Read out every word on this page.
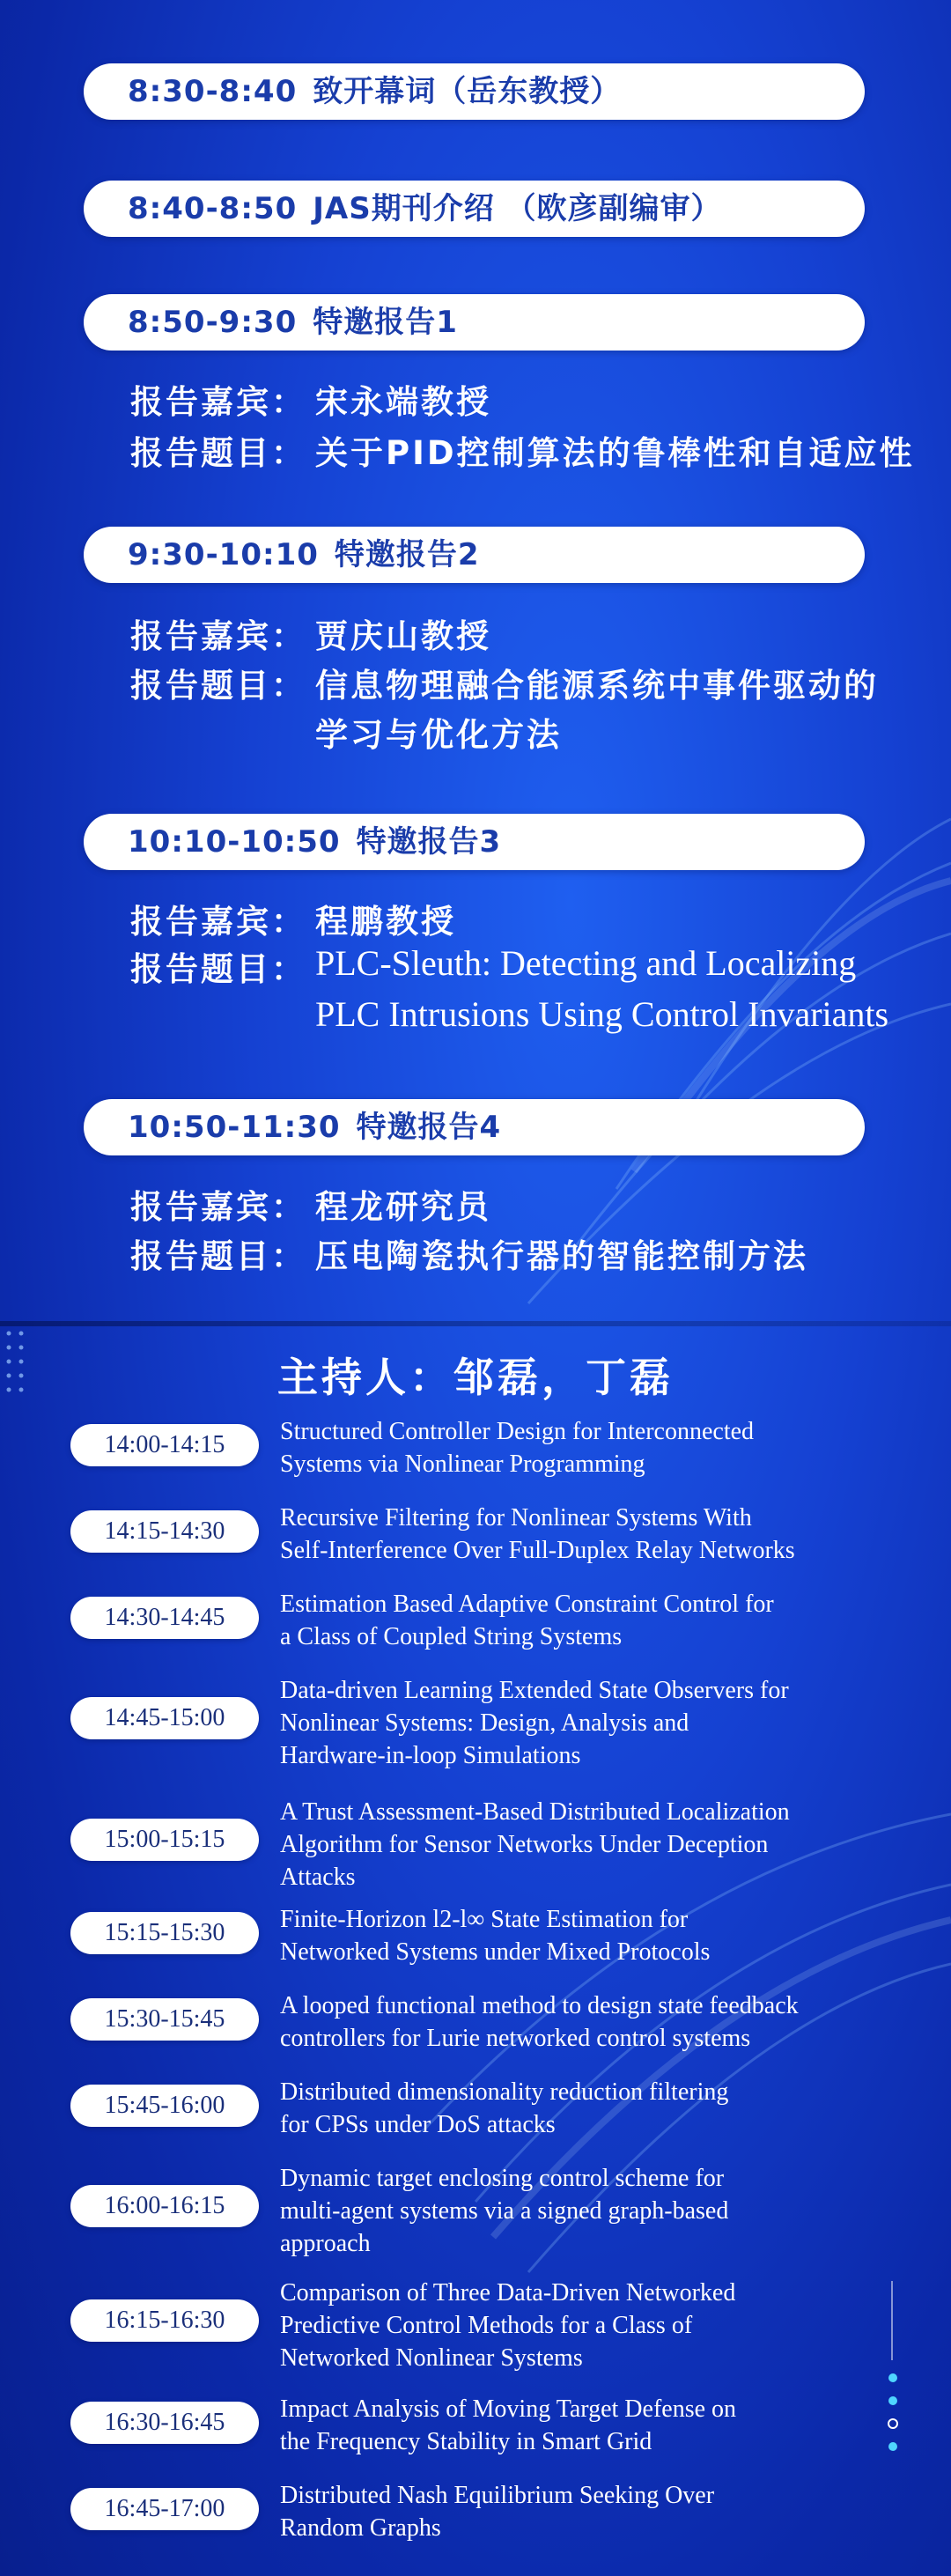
8:30-8:40 致开幕词（岳东教授）
8:40-8:50 JAS期刊介绍 （欧彦副编审）
8:50-9:30 特邀报告1
报告嘉宾： 宋永端教授
报告题目： 关于PID控制算法的鲁棒性和自适应性
9:30-10:10 特邀报告2
报告嘉宾： 贾庆山教授
报告题目： 信息物理融合能源系统中事件驱动的
学习与优化方法
10:10-10:50 特邀报告3
报告嘉宾： 程鹏教授
报告题目： PLC-Sleuth: Detecting and Localizing
PLC Intrusions Using Control Invariants
10:50-11:30 特邀报告4
报告嘉宾： 程龙研究员
报告题目： 压电陶瓷执行器的智能控制方法
主持人：邹磊，丁磊
14:00-14:15	Structured Controller Design for Interconnected
Systems via Nonlinear Programming
14:15-14:30	Recursive Filtering for Nonlinear Systems With
Self-Interference Over Full-Duplex Relay Networks
14:30-14:45	Estimation Based Adaptive Constraint Control for
a Class of Coupled String Systems
14:45-15:00
Data-driven Learning Extended State Observers for
Nonlinear Systems: Design, Analysis and
Hardware-in-loop Simulations
15:00-15:15
A Trust Assessment-Based Distributed Localization
Algorithm for Sensor Networks Under Deception
Attacks
15:15-15:30	Finite-Horizon l2-l∞ State Estimation for
Networked Systems under Mixed Protocols
15:30-15:45	A looped functional method to design state feedback
controllers for Lurie networked control systems
15:45-16:00	Distributed dimensionality reduction filtering
for CPSs under DoS attacks
16:00-16:15
Dynamic target enclosing control scheme for
multi-agent systems via a signed graph-based
approach
16:15-16:30
Comparison of Three Data-Driven Networked
Predictive Control Methods for a Class of
Networked Nonlinear Systems
16:30-16:45	Impact Analysis of Moving Target Defense on
the Frequency Stability in Smart Grid
16:45-17:00	Distributed Nash Equilibrium Seeking Over
Random Graphs
